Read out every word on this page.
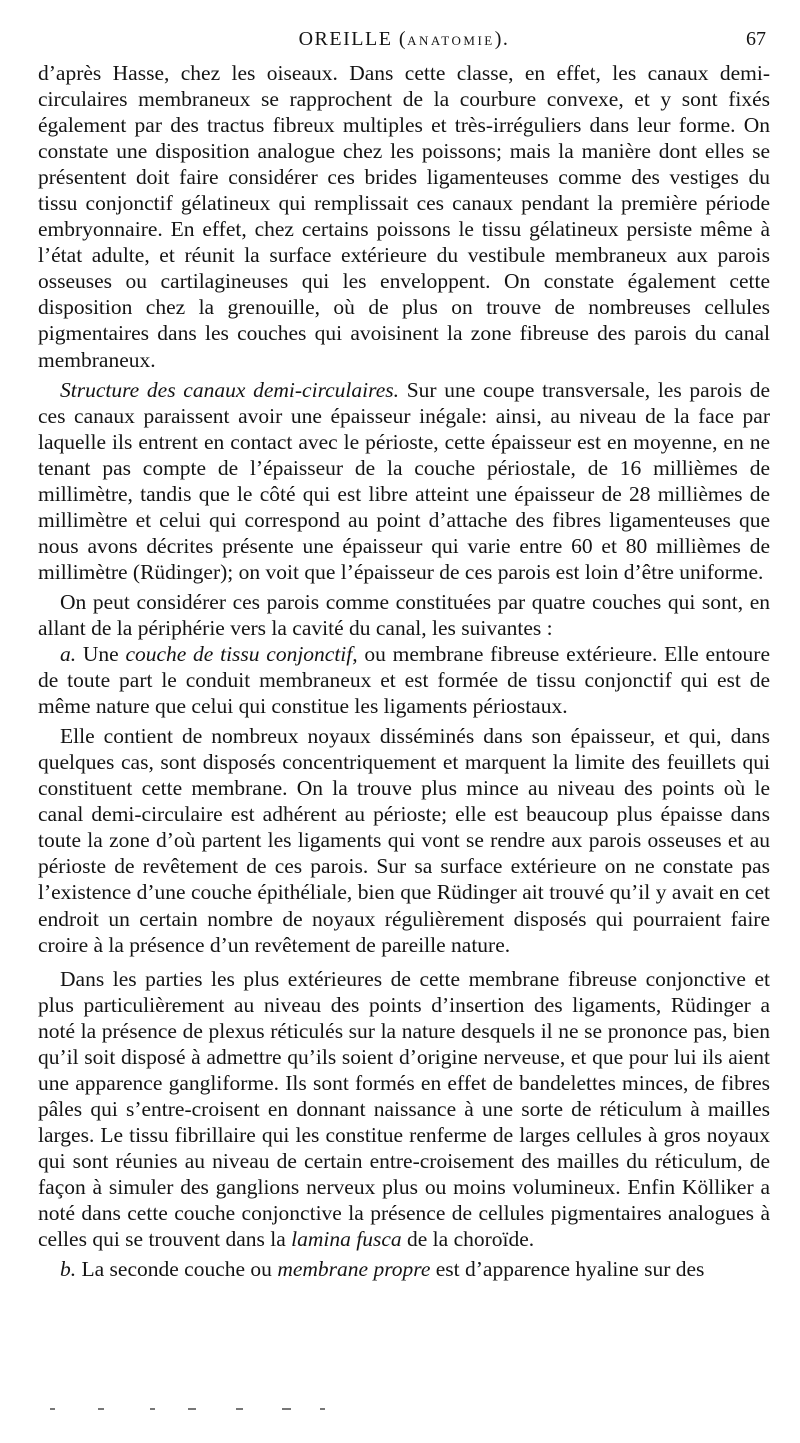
OREILLE (ANATOMIE).	67

d’après Hasse, chez les oiseaux. Dans cette classe, en effet, les canaux demi-circulaires membraneux se rapprochent de la courbure convexe, et y sont fixés également par des tractus fibreux multiples et très-irréguliers dans leur forme. On constate une disposition analogue chez les poissons; mais la manière dont elles se présentent doit faire considérer ces brides ligamenteuses comme des vestiges du tissu conjonctif gélatineux qui remplissait ces canaux pendant la première période embryonnaire. En effet, chez certains poissons le tissu gélatineux persiste même à l’état adulte, et réunit la surface extérieure du vestibule membraneux aux parois osseuses ou cartilagineuses qui les enveloppent. On constate également cette disposition chez la grenouille, où de plus on trouve de nombreuses cellules pigmentaires dans les couches qui avoisinent la zone fibreuse des parois du canal membraneux.

Structure des canaux demi-circulaires. Sur une coupe transversale, les parois de ces canaux paraissent avoir une épaisseur inégale: ainsi, au niveau de la face par laquelle ils entrent en contact avec le périoste, cette épaisseur est en moyenne, en ne tenant pas compte de l’épaisseur de la couche périostale, de 16 millièmes de millimètre, tandis que le côté qui est libre atteint une épaisseur de 28 millièmes de millimètre et celui qui correspond au point d’attache des fibres ligamenteuses que nous avons décrites présente une épaisseur qui varie entre 60 et 80 millièmes de millimètre (Rüdinger); on voit que l’épaisseur de ces parois est loin d’être uniforme.

On peut considérer ces parois comme constituées par quatre couches qui sont, en allant de la périphérie vers la cavité du canal, les suivantes :

a. Une couche de tissu conjonctif, ou membrane fibreuse extérieure. Elle entoure de toute part le conduit membraneux et est formée de tissu conjonctif qui est de même nature que celui qui constitue les ligaments périostaux.

Elle contient de nombreux noyaux disséminés dans son épaisseur, et qui, dans quelques cas, sont disposés concentriquement et marquent la limite des feuillets qui constituent cette membrane. On la trouve plus mince au niveau des points où le canal demi-circulaire est adhérent au périoste; elle est beaucoup plus épaisse dans toute la zone d’où partent les ligaments qui vont se rendre aux parois osseuses et au périoste de revêtement de ces parois. Sur sa surface extérieure on ne constate pas l’existence d’une couche épithéliale, bien que Rüdinger ait trouvé qu’il y avait en cet endroit un certain nombre de noyaux régulièrement disposés qui pourraient faire croire à la présence d’un revêtement de pareille nature.

Dans les parties les plus extérieures de cette membrane fibreuse conjonctive et plus particulièrement au niveau des points d’insertion des ligaments, Rüdinger a noté la présence de plexus réticulés sur la nature desquels il ne se prononce pas, bien qu’il soit disposé à admettre qu’ils soient d’origine nerveuse, et que pour lui ils aient une apparence gangliforme. Ils sont formés en effet de bandelettes minces, de fibres pâles qui s’entre-croisent en donnant naissance à une sorte de réticulum à mailles larges. Le tissu fibrillaire qui les constitue renferme de larges cellules à gros noyaux qui sont réunies au niveau de certain entre-croisement des mailles du réticulum, de façon à simuler des ganglions nerveux plus ou moins volumineux. Enfin Kölliker a noté dans cette couche conjonctive la présence de cellules pigmentaires analogues à celles qui se trouvent dans la lamina fusca de la choroïde.

b. La seconde couche ou membrane propre est d’apparence hyaline sur des
